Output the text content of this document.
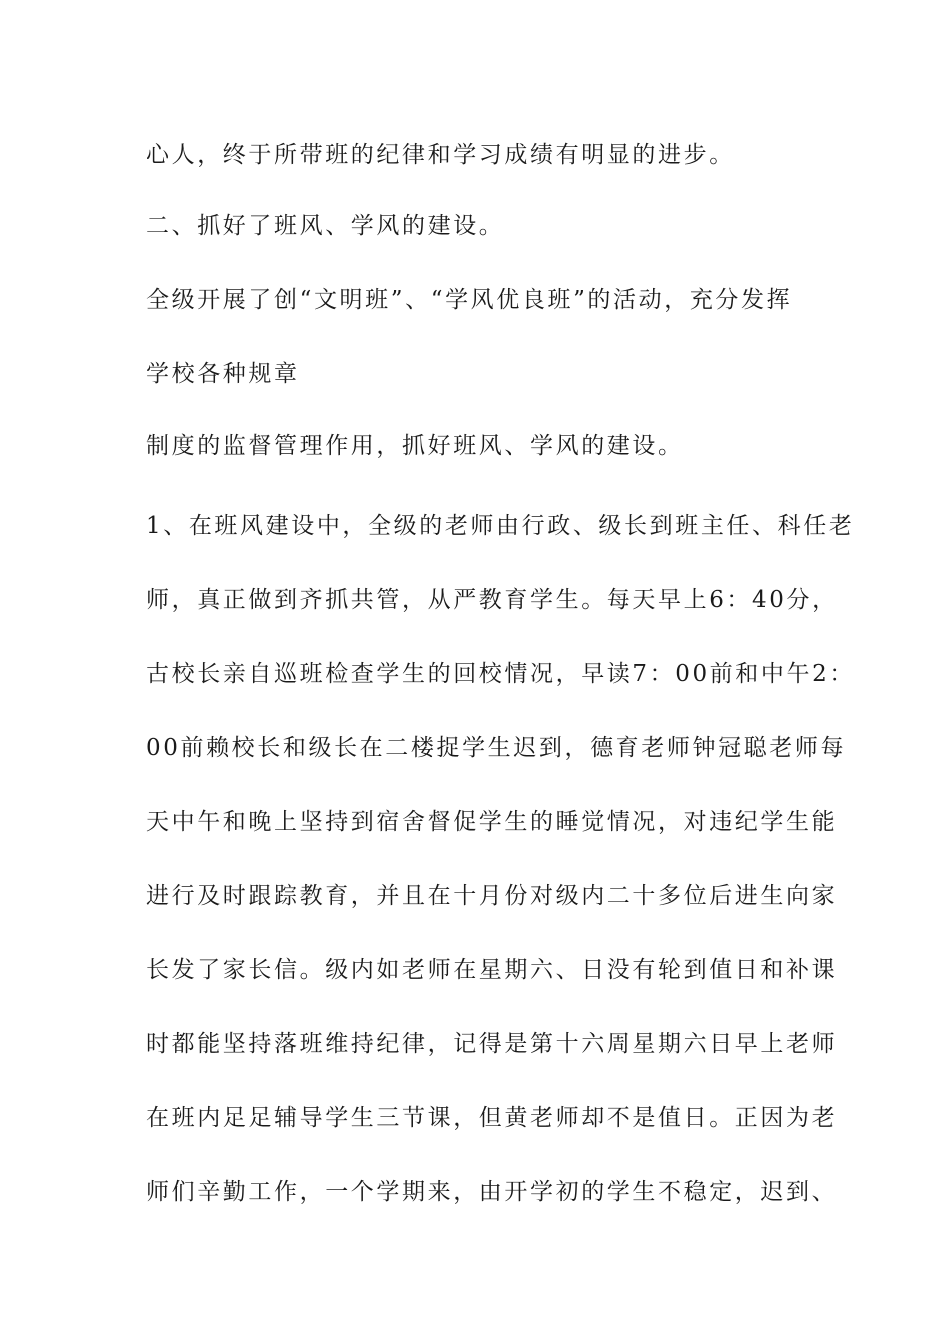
心人，终于所带班的纪律和学习成绩有明显的进步。

二、抓好了班风、学风的建设。

全级开展了创“文明班”、“学风优良班”的活动，充分发挥

学校各种规章

制度的监督管理作用，抓好班风、学风的建设。

1、在班风建设中，全级的老师由行政、级长到班主任、科任老

师，真正做到齐抓共管，从严教育学生。每天早上6：40分，

古校长亲自巡班检查学生的回校情况，早读7：00前和中午2：

00前赖校长和级长在二楼捉学生迟到，德育老师钟冠聪老师每

天中午和晚上坚持到宿舍督促学生的睡觉情况，对违纪学生能

进行及时跟踪教育，并且在十月份对级内二十多位后进生向家

长发了家长信。级内如老师在星期六、日没有轮到值日和补课

时都能坚持落班维持纪律，记得是第十六周星期六日早上老师

在班内足足辅导学生三节课，但黄老师却不是值日。正因为老

师们辛勤工作，一个学期来，由开学初的学生不稳定，迟到、
